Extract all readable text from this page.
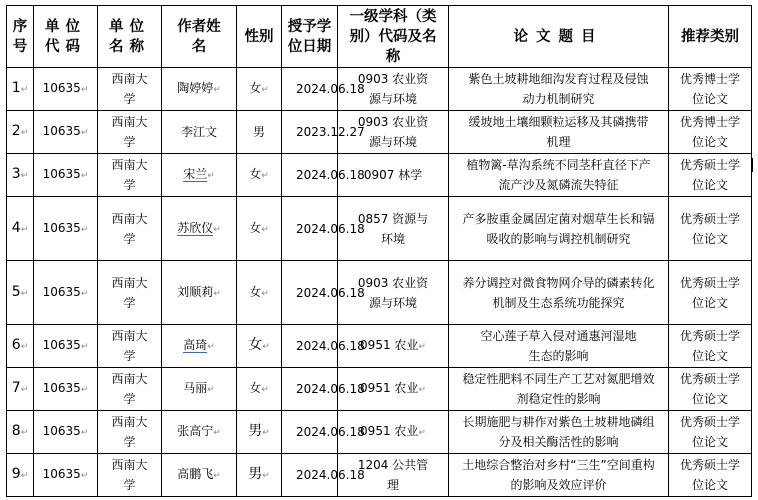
序号	单位代码	单位名称	作者姓名	性别	授予学位日期	一级学科（类别）代码及名称	论文题目	推荐类别
1↵	10635↵	西南大学	陶婷婷↵	女↵	2024.06.18	0903 农业资源与环境	紫色土坡耕地细沟发育过程及侵蚀动力机制研究	优秀博士学位论文
2↵	10635↵	西南大学	李江文	男	2023.12.27	0903 农业资源与环境	缓坡地土壤细颗粒运移及其磷携带机理	优秀博士学位论文
3↵	10635↵	西南大学	宋兰↵	女↵	2024.06.18	0907 林学	植物篱-草沟系统不同茎秆直径下产流产沙及氮磷流失特征	优秀硕士学位论文
4↵	10635↵	西南大学	苏欣仪↵	女↵	2024.06.18	0857 资源与环境	产多胺重金属固定菌对烟草生长和镉吸收的影响与调控机制研究	优秀硕士学位论文
5↵	10635↵	西南大学	刘顺莉↵	女↵	2024.06.18	0903 农业资源与环境	养分调控对微食物网介导的磷素转化机制及生态系统功能探究	优秀硕士学位论文
6↵	10635↵	西南大学	高琦↵	女↵	2024.06.18	0951 农业↵	空心莲子草入侵对通惠河湿地生态的影响	优秀硕士学位论文
7↵	10635↵	西南大学	马丽↵	女↵	2024.06.18	0951 农业↵	稳定性肥料不同生产工艺对氮肥增效剂稳定性的影响	优秀硕士学位论文
8↵	10635↵	西南大学	张高宁↵	男↵	2024.06.18	0951 农业↵	长期施肥与耕作对紫色土坡耕地磷组分及相关酶活性的影响	优秀硕士学位论文
9↵	10635↵	西南大学	高鹏飞↵	男↵	2024.06.18	1204 公共管理	土地综合整治对乡村“三生”空间重构的影响及效应评价	优秀硕士学位论文
